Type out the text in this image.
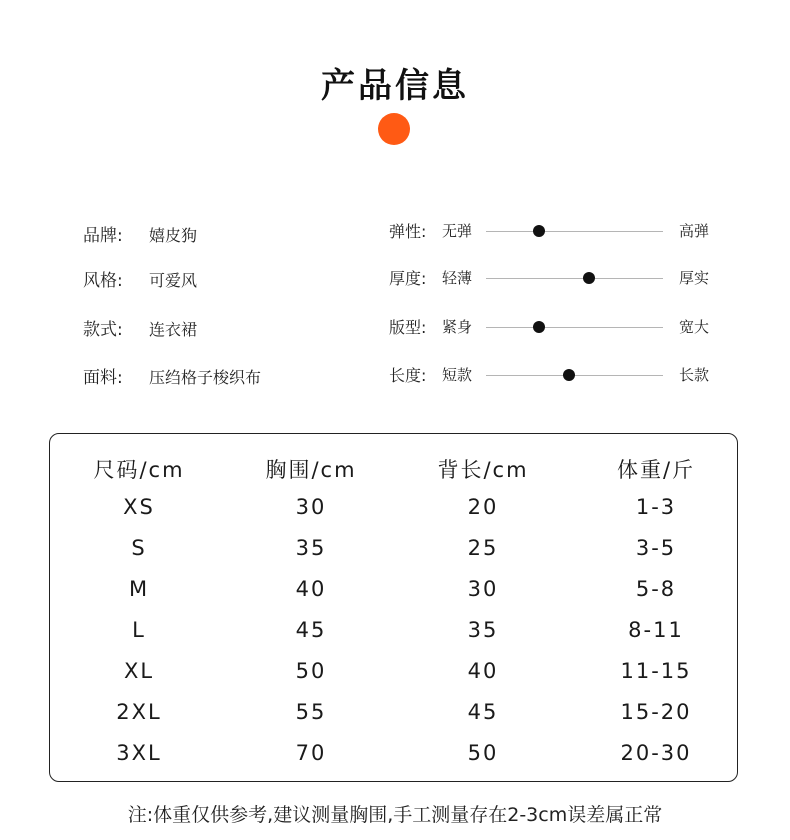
产品信息
品牌: 嬉皮狗
风格: 可爱风
款式: 连衣裙
面料: 压绉格子梭织布
弹性: 无弹	高弹
厚度: 轻薄	厚实
版型: 紧身	宽大
长度: 短款	长款
尺码/cm	胸围/cm	背长/cm	体重/斤
XS	30	20	1-3
S	35	25	3-5
M	40	30	5-8
L	45	35	8-11
XL	50	40	11-15
2XL	55	45	15-20
3XL	70	50	20-30
注:体重仅供参考,建议测量胸围,手工测量存在2-3cm误差属正常
